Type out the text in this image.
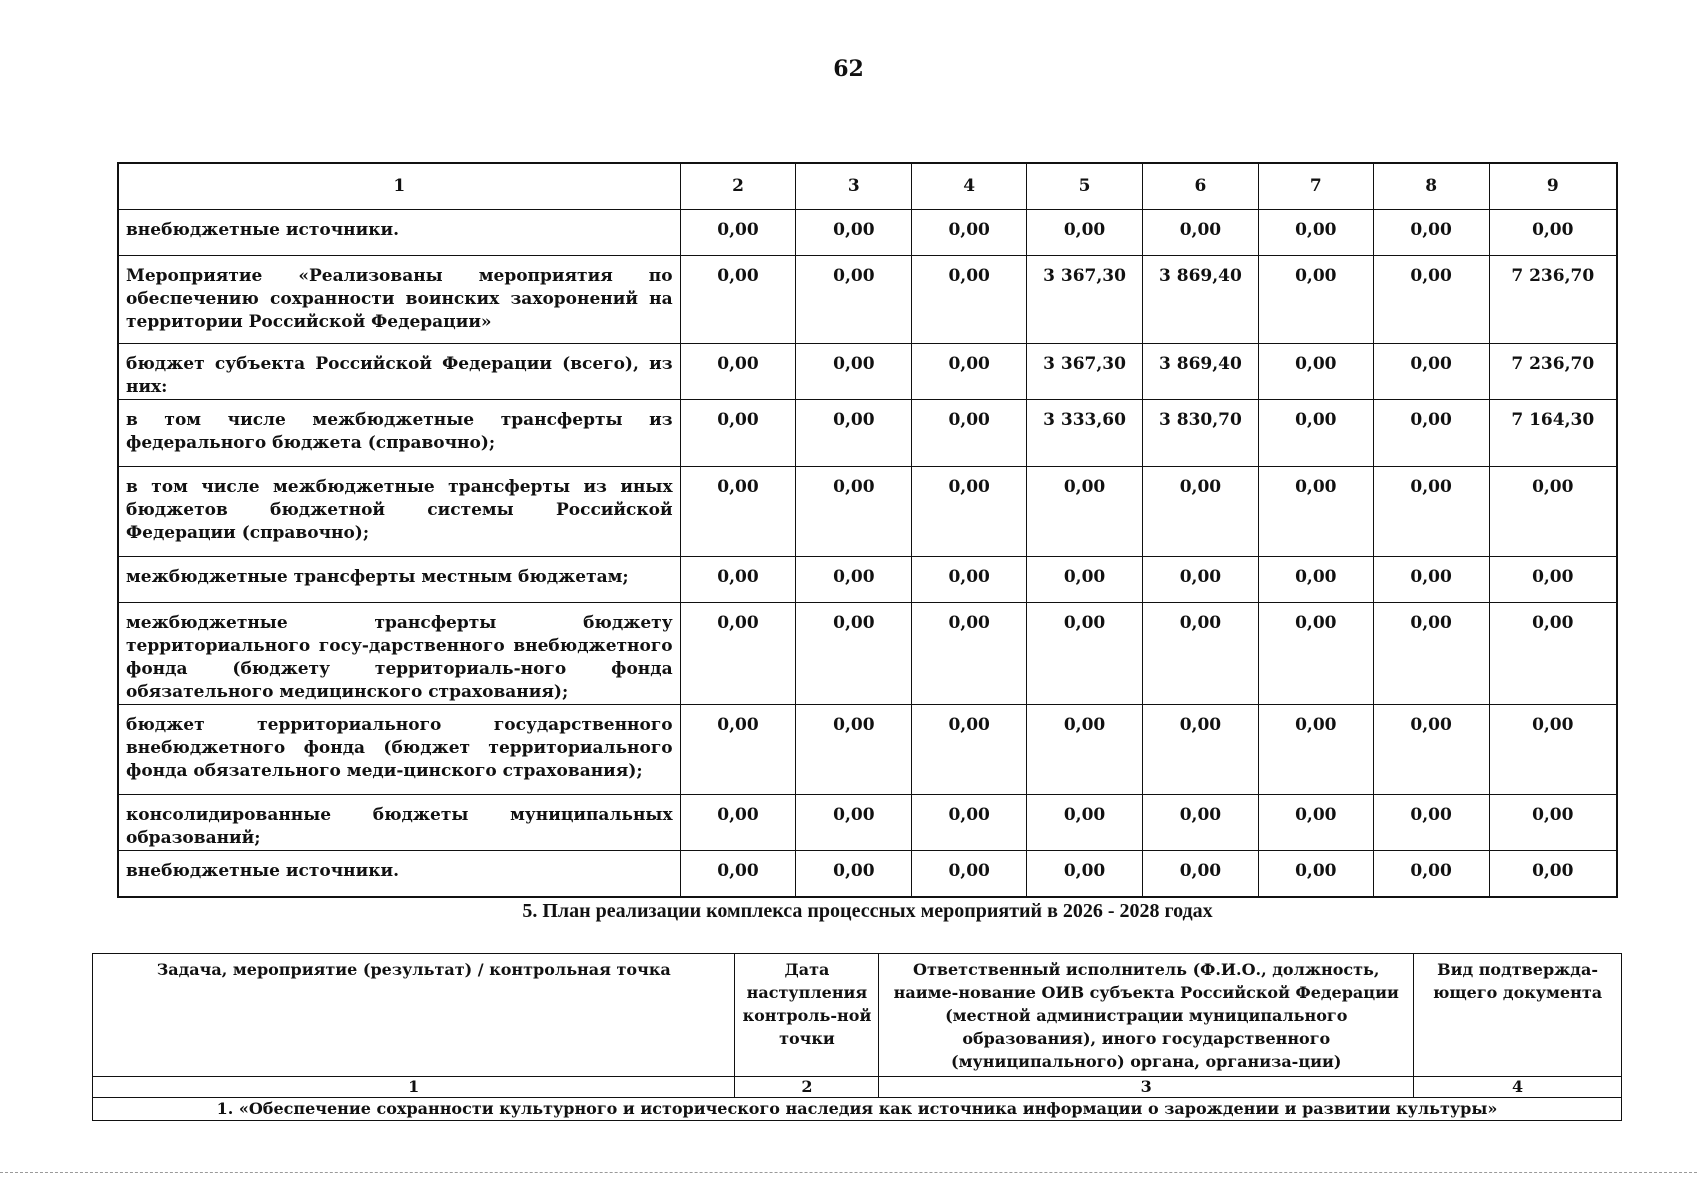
62
1	2	3	4	5	6	7	8	9
внебюджетные источники.	0,00	0,00	0,00	0,00	0,00	0,00	0,00	0,00
Мероприятие «Реализованы мероприятия по обеспечению сохранности воинских захоронений на территории Российской Федерации»	0,00	0,00	0,00	3 367,30	3 869,40	0,00	0,00	7 236,70
бюджет субъекта Российской Федерации (всего), из них:	0,00	0,00	0,00	3 367,30	3 869,40	0,00	0,00	7 236,70
в том числе межбюджетные трансферты из федерального бюджета (справочно);	0,00	0,00	0,00	3 333,60	3 830,70	0,00	0,00	7 164,30
в том числе межбюджетные трансферты из иных бюджетов бюджетной системы Российской Федерации (справочно);	0,00	0,00	0,00	0,00	0,00	0,00	0,00	0,00
межбюджетные трансферты местным бюджетам;	0,00	0,00	0,00	0,00	0,00	0,00	0,00	0,00
межбюджетные трансферты бюджету территориального госу-дарственного внебюджетного фонда (бюджету территориаль-ного фонда обязательного медицинского страхования);	0,00	0,00	0,00	0,00	0,00	0,00	0,00	0,00
бюджет территориального государственного внебюджетного фонда (бюджет территориального фонда обязательного меди-цинского страхования);	0,00	0,00	0,00	0,00	0,00	0,00	0,00	0,00
консолидированные бюджеты муниципальных образований;	0,00	0,00	0,00	0,00	0,00	0,00	0,00	0,00
внебюджетные источники.	0,00	0,00	0,00	0,00	0,00	0,00	0,00	0,00
5. План реализации комплекса процессных мероприятий в 2026 - 2028 годах
Задача, мероприятие (результат) / контрольная точка	Дата наступления контроль-ной точки	Ответственный исполнитель (Ф.И.О., должность, наиме-нование ОИВ субъекта Российской Федерации (местной администрации муниципального образования), иного государственного (муниципального) органа, организа-ции)	Вид подтвержда-ющего документа
1	2	3	4
1. «Обеспечение сохранности культурного и исторического наследия как источника информации о зарождении и развитии культуры»			
